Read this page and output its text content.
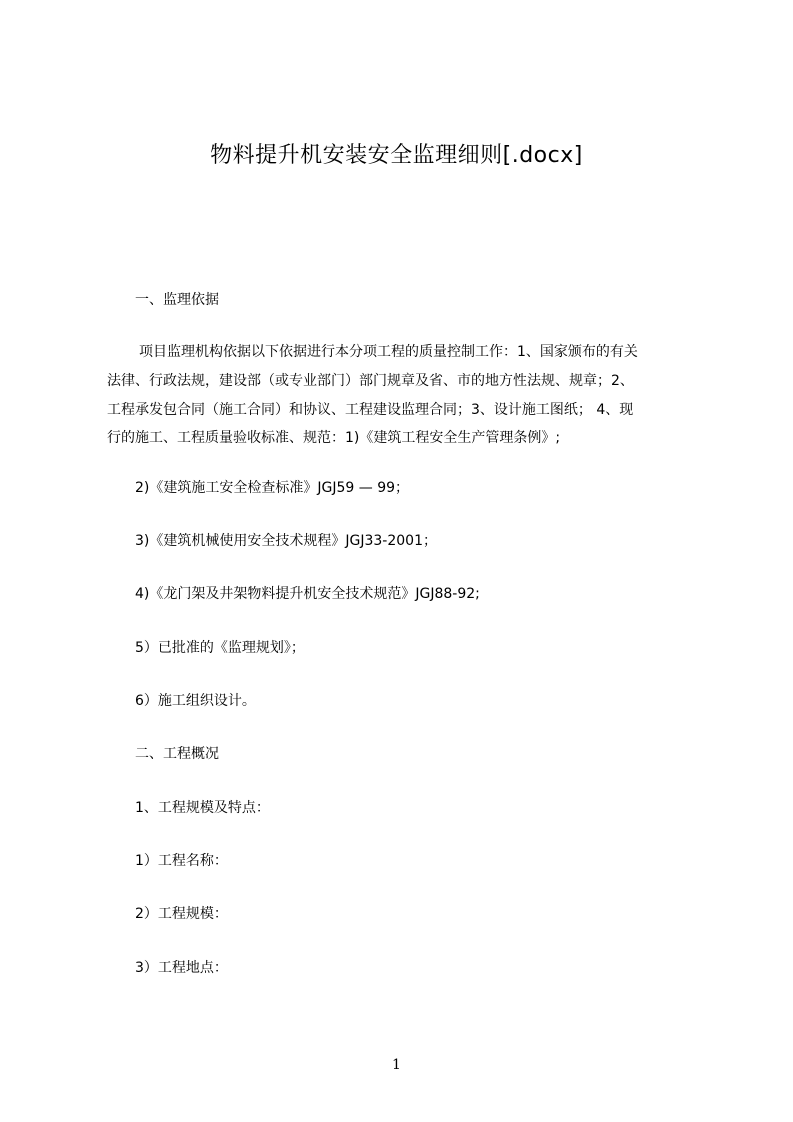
物料提升机安装安全监理细则[.docx]
一、监理依据
项目监理机构依据以下依据进行本分项工程的质量控制工作：1、国家颁布的有关
法律、行政法规，建设部（或专业部门）部门规章及省、市的地方性法规、规章；2、
工程承发包合同（施工合同）和协议、工程建设监理合同；3、设计施工图纸； 4、现
行的施工、工程质量验收标准、规范：1)《建筑工程安全生产管理条例》;
2)《建筑施工安全检查标准》JGJ59 — 99；
3)《建筑机械使用安全技术规程》JGJ33-2001；
4)《龙门架及井架物料提升机安全技术规范》JGJ88-92;
5）已批准的《监理规划》；
6）施工组织设计。
二、工程概况
1、工程规模及特点：
1）工程名称：
2）工程规模：
3）工程地点：
1
